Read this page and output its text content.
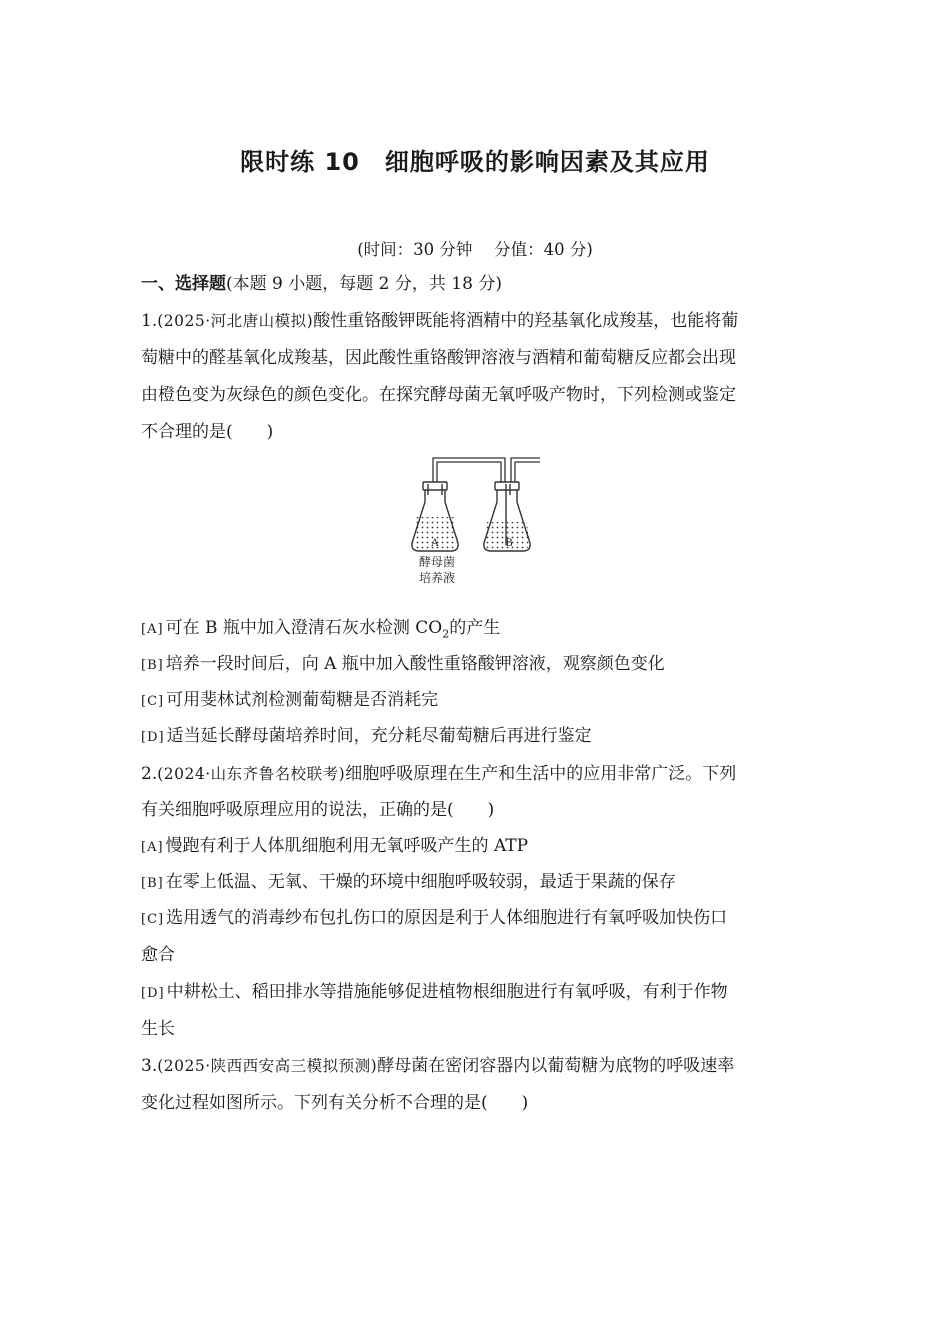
限时练 10　细胞呼吸的影响因素及其应用
(时间：30 分钟　 分值：40 分)
一、选择题(本题 9 小题，每题 2 分，共 18 分)
1.(2025·河北唐山模拟)酸性重铬酸钾既能将酒精中的羟基氧化成羧基，也能将葡
萄糖中的醛基氧化成羧基，因此酸性重铬酸钾溶液与酒精和葡萄糖反应都会出现
由橙色变为灰绿色的颜色变化。在探究酵母菌无氧呼吸产物时，下列检测或鉴定
不合理的是(　　)
A	B
酵母菌
培养液
[A] 可在 B 瓶中加入澄清石灰水检测 $CO_2$的产生
[B] 培养一段时间后，向 A 瓶中加入酸性重铬酸钾溶液，观察颜色变化
[C] 可用斐林试剂检测葡萄糖是否消耗完
[D] 适当延长酵母菌培养时间，充分耗尽葡萄糖后再进行鉴定
2.(2024·山东齐鲁名校联考)细胞呼吸原理在生产和生活中的应用非常广泛。下列
有关细胞呼吸原理应用的说法，正确的是(　　)
[A] 慢跑有利于人体肌细胞利用无氧呼吸产生的 ATP
[B] 在零上低温、无氧、干燥的环境中细胞呼吸较弱，最适于果蔬的保存
[C] 选用透气的消毒纱布包扎伤口的原因是利于人体细胞进行有氧呼吸加快伤口
愈合
[D] 中耕松土、稻田排水等措施能够促进植物根细胞进行有氧呼吸，有利于作物
生长
3.(2025·陕西西安高三模拟预测)酵母菌在密闭容器内以葡萄糖为底物的呼吸速率
变化过程如图所示。下列有关分析不合理的是(　　)
